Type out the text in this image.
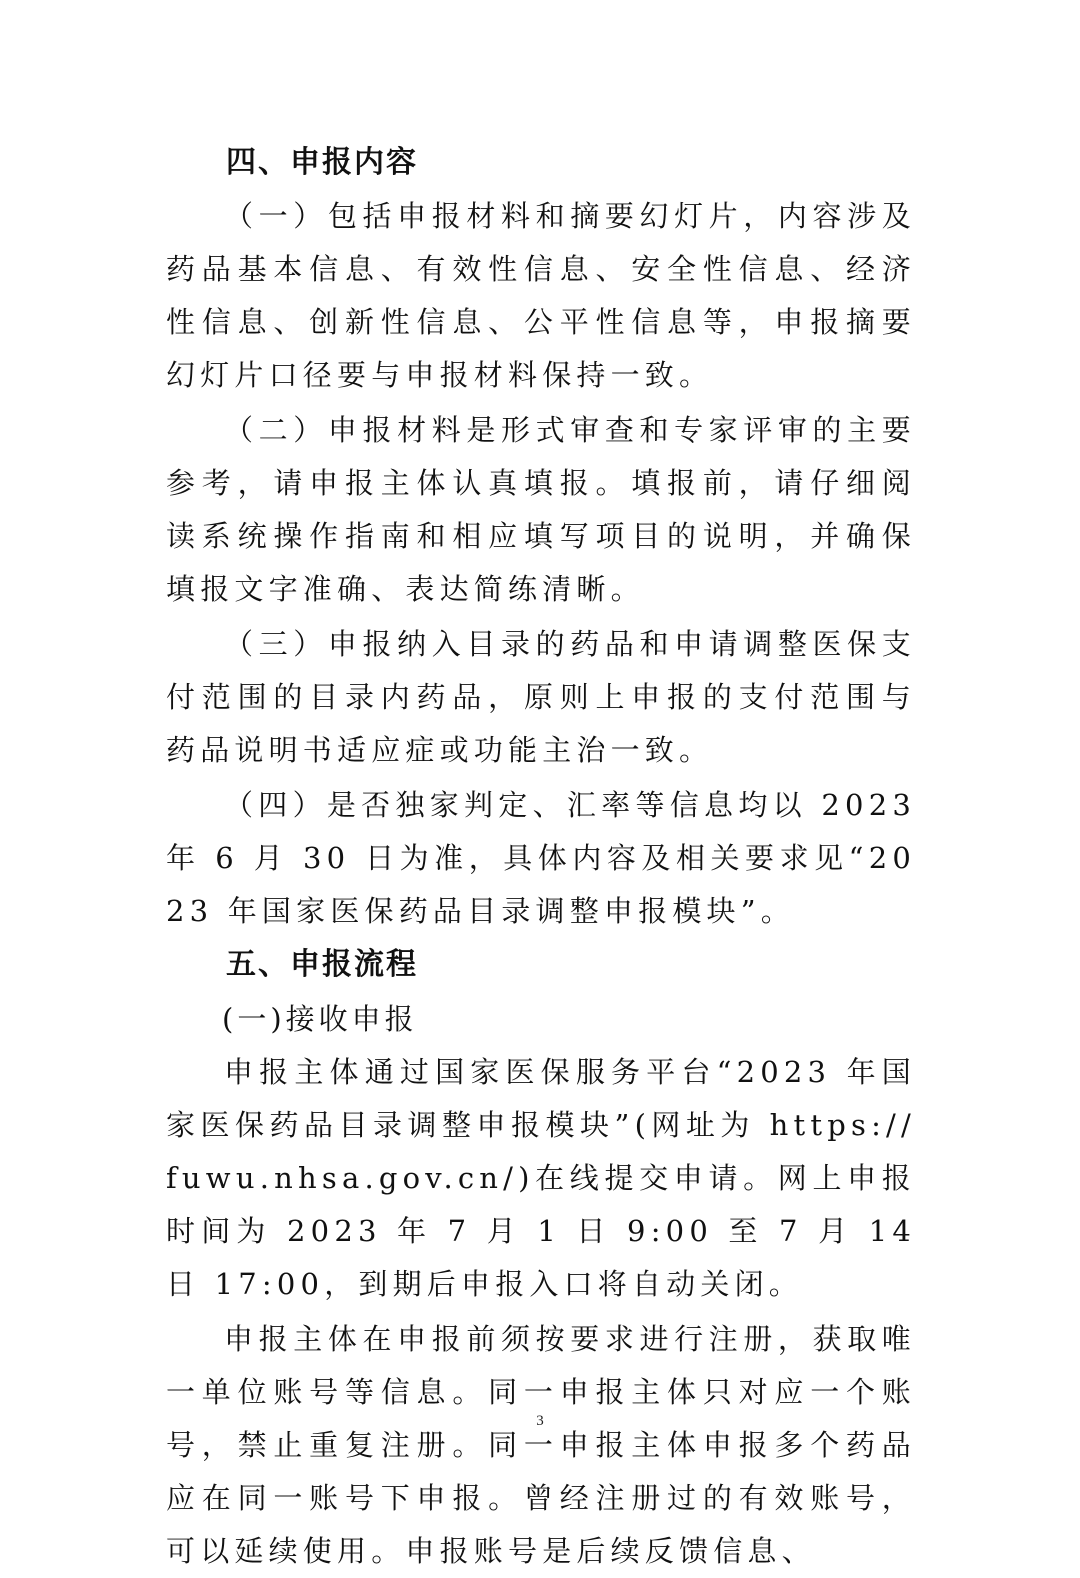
四、申报内容

（一）包括申报材料和摘要幻灯片，内容涉及药品基本信息、有效性信息、安全性信息、经济性信息、创新性信息、公平性信息等，申报摘要幻灯片口径要与申报材料保持一致。

（二）申报材料是形式审查和专家评审的主要参考，请申报主体认真填报。填报前，请仔细阅读系统操作指南和相应填写项目的说明，并确保填报文字准确、表达简练清晰。

（三）申报纳入目录的药品和申请调整医保支付范围的目录内药品，原则上申报的支付范围与药品说明书适应症或功能主治一致。

（四）是否独家判定、汇率等信息均以 2023 年 6 月 30 日为准，具体内容及相关要求见“2023 年国家医保药品目录调整申报模块”。

五、申报流程
(一)接收申报

申报主体通过国家医保服务平台“2023 年国家医保药品目录调整申报模块”(网址为 https://fuwu.nhsa.gov.cn/)在线提交申请。网上申报时间为 2023 年 7 月 1 日 9:00 至 7 月 14 日 17:00，到期后申报入口将自动关闭。

申报主体在申报前须按要求进行注册，获取唯一单位账号等信息。同一申报主体只对应一个账号，禁止重复注册。同一申报主体申报多个药品应在同一账号下申报。曾经注册过的有效账号，可以延续使用。申报账号是后续反馈信息、

3
